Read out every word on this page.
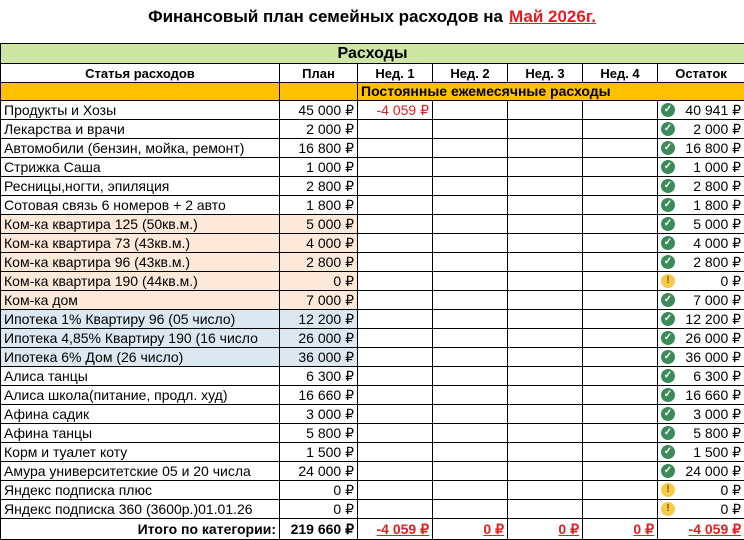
Финансовый план семейных расходов на Май 2026г.
Расходы						
Статья расходов	План	Нед. 1	Нед. 2	Нед. 3	Нед. 4	Остаток
		Постоянные ежемесячные расходы				
Продукты и Хозы	45 000 ₽	-4 059 ₽				✓ 40 941 ₽
Лекарства и врачи	2 000 ₽					✓ 2 000 ₽
Автомобили (бензин, мойка, ремонт)	16 800 ₽					✓ 16 800 ₽
Стрижка Саша	1 000 ₽					✓ 1 000 ₽
Ресницы,ногти, эпиляция	2 800 ₽					✓ 2 800 ₽
Сотовая связь 6 номеров + 2 авто	1 800 ₽					✓ 1 800 ₽
Ком-ка квартира 125 (50кв.м.)	5 000 ₽					✓ 5 000 ₽
Ком-ка квартира 73 (43кв.м.)	4 000 ₽					✓ 4 000 ₽
Ком-ка квартира 96 (43кв.м.)	2 800 ₽					✓ 2 800 ₽
Ком-ка квартира 190 (44кв.м.)	0 ₽					! 0 ₽
Ком-ка дом	7 000 ₽					✓ 7 000 ₽
Ипотека 1% Квартиру 96 (05 число)	12 200 ₽					✓ 12 200 ₽
Ипотека 4,85% Квартиру 190 (16 число	26 000 ₽					✓ 26 000 ₽
Ипотека 6% Дом (26 число)	36 000 ₽					✓ 36 000 ₽
Алиса танцы	6 300 ₽					✓ 6 300 ₽
Алиса школа(питание, продл. худ)	16 660 ₽					✓ 16 660 ₽
Афина садик	3 000 ₽					✓ 3 000 ₽
Афина танцы	5 800 ₽					✓ 5 800 ₽
Корм и туалет коту	1 500 ₽					✓ 1 500 ₽
Амура университетские 05 и 20 числа	24 000 ₽					✓ 24 000 ₽
Яндекс подписка плюс	0 ₽					! 0 ₽
Яндекс подписка 360 (3600р.)01.01.26	0 ₽					! 0 ₽
Итого по категории:	219 660 ₽	-4 059 ₽	0 ₽	0 ₽	0 ₽	-4 059 ₽
